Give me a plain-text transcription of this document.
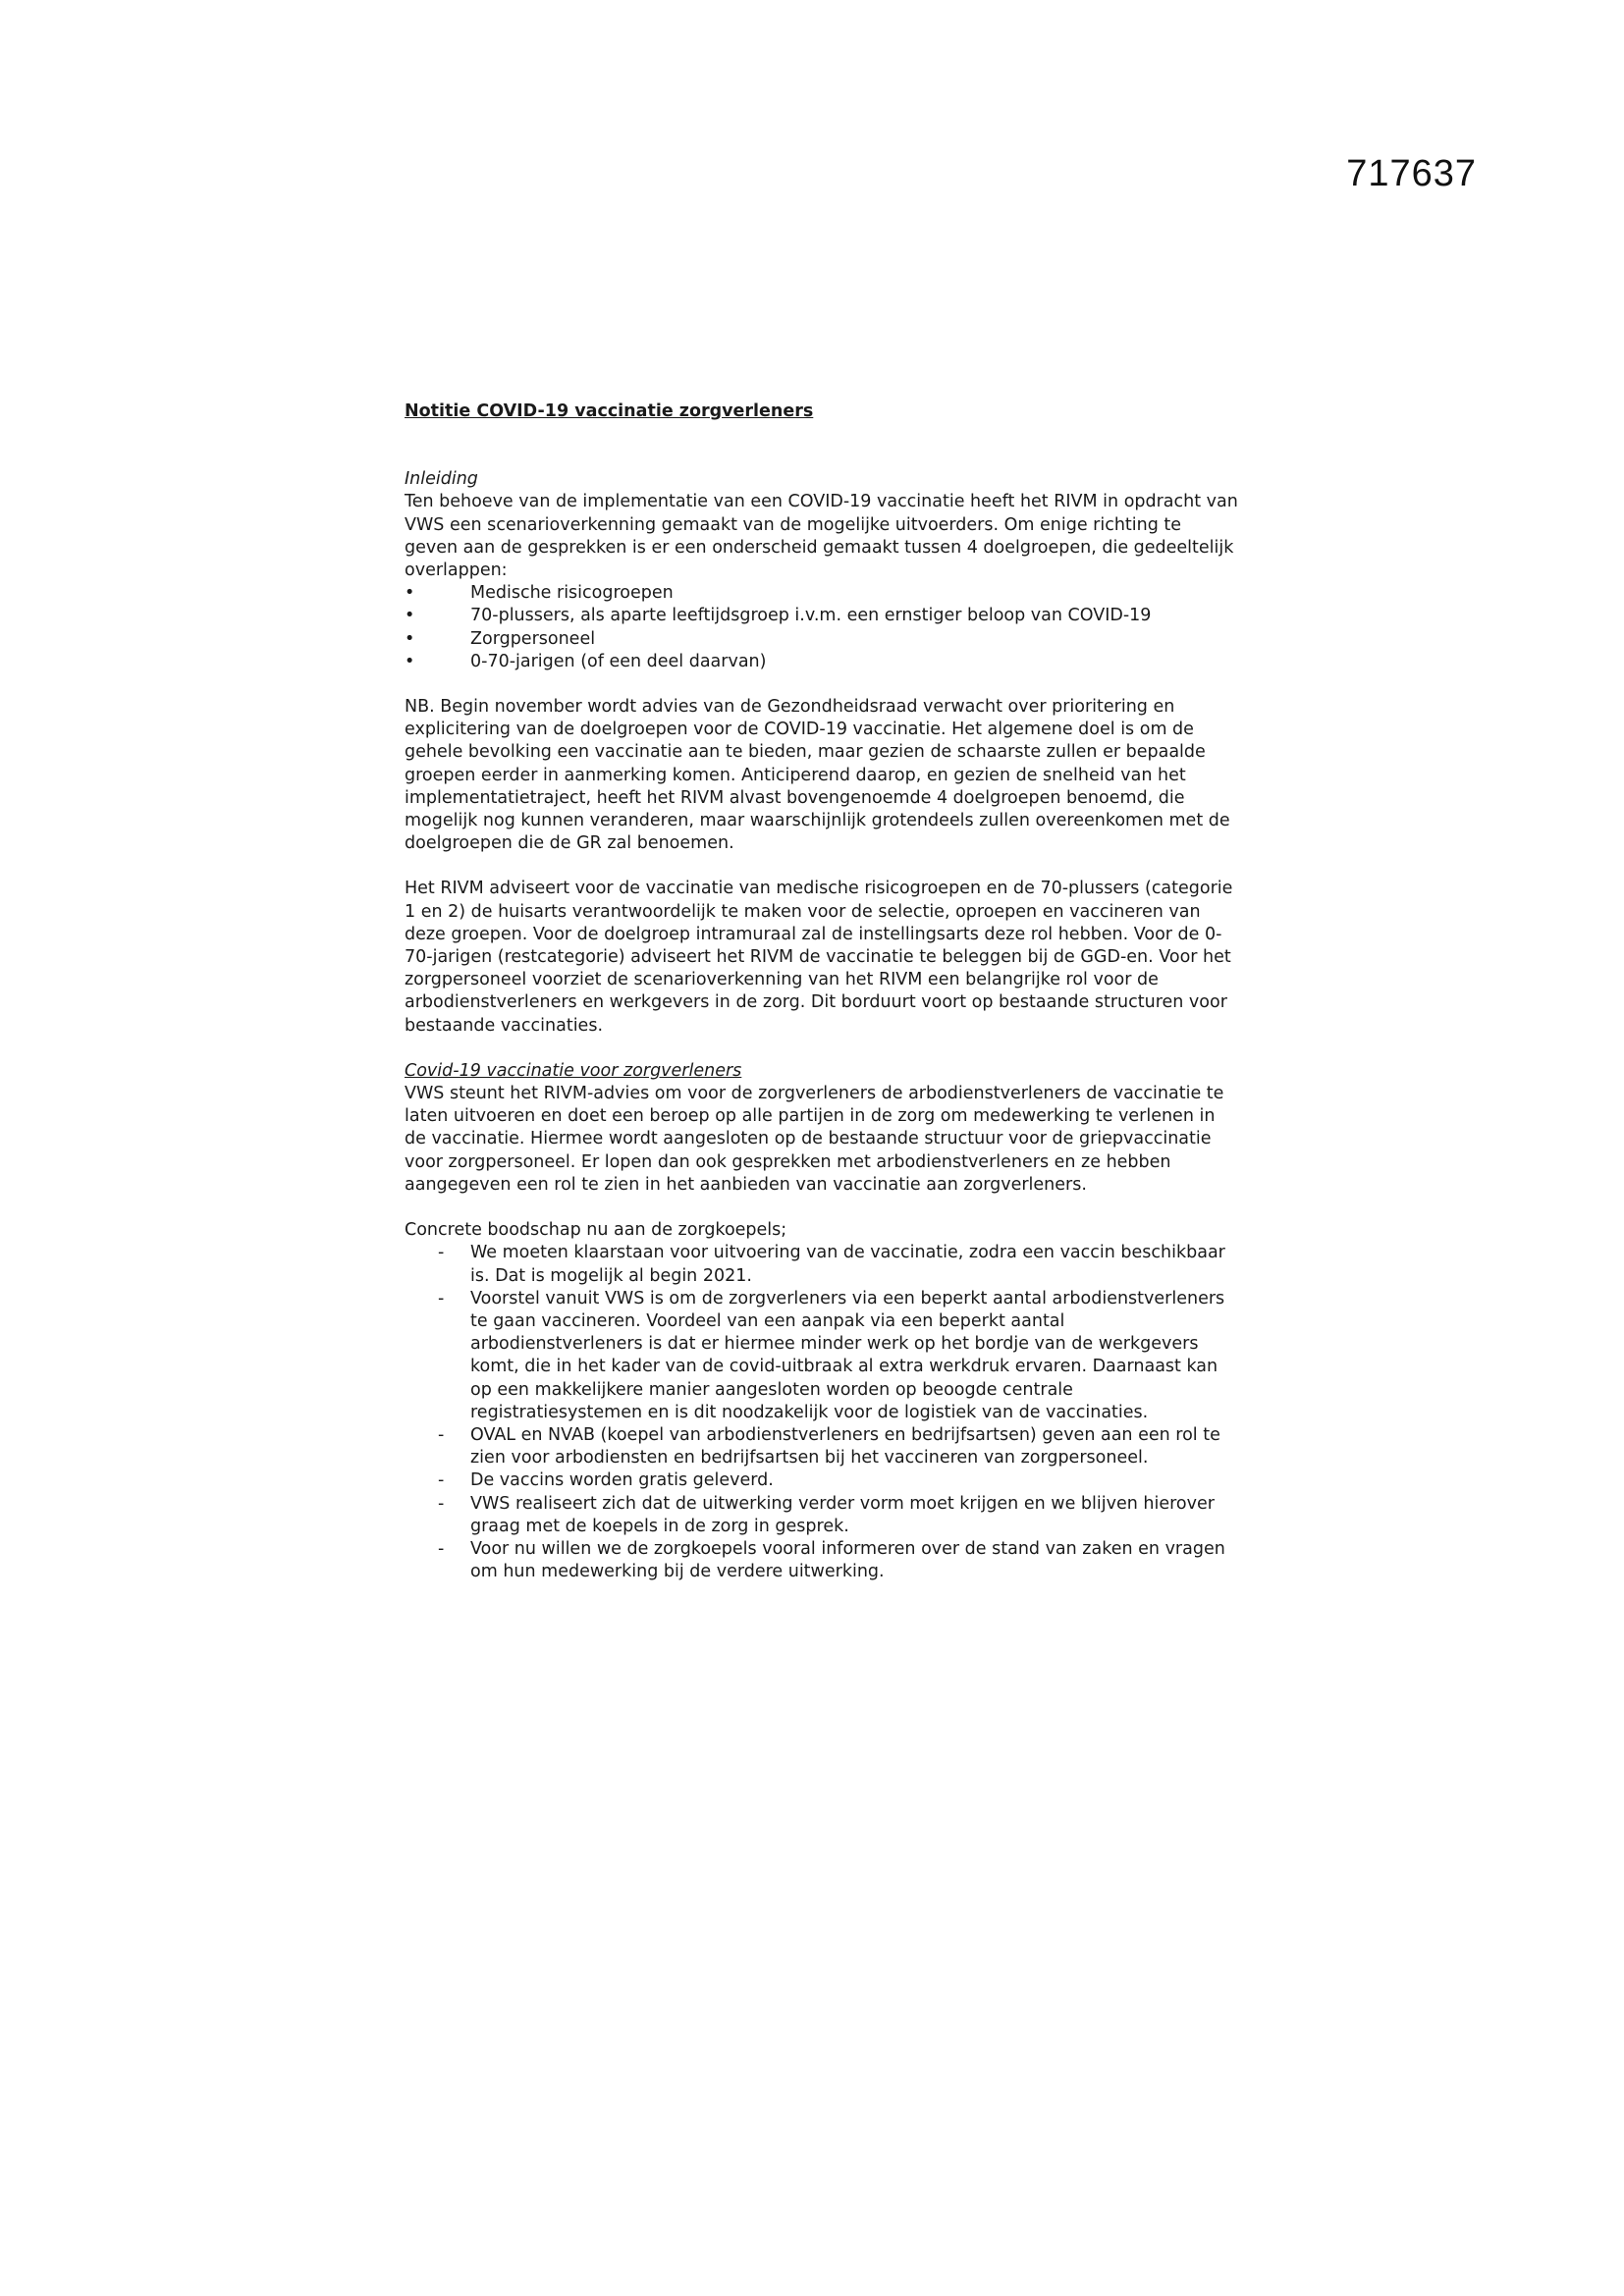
717637

Notitie COVID-19 vaccinatie zorgverleners

Inleiding

Ten behoeve van de implementatie van een COVID-19 vaccinatie heeft het RIVM in opdracht van VWS een scenarioverkenning gemaakt van de mogelijke uitvoerders. Om enige richting te geven aan de gesprekken is er een onderscheid gemaakt tussen 4 doelgroepen, die gedeeltelijk overlappen:

• Medische risicogroepen
• 70-plussers, als aparte leeftijdsgroep i.v.m. een ernstiger beloop van COVID-19
• Zorgpersoneel
• 0-70-jarigen (of een deel daarvan)

NB. Begin november wordt advies van de Gezondheidsraad verwacht over prioritering en explicitering van de doelgroepen voor de COVID-19 vaccinatie. Het algemene doel is om de gehele bevolking een vaccinatie aan te bieden, maar gezien de schaarste zullen er bepaalde groepen eerder in aanmerking komen. Anticiperend daarop, en gezien de snelheid van het implementatietraject, heeft het RIVM alvast bovengenoemde 4 doelgroepen benoemd, die mogelijk nog kunnen veranderen, maar waarschijnlijk grotendeels zullen overeenkomen met de doelgroepen die de GR zal benoemen.

Het RIVM adviseert voor de vaccinatie van medische risicogroepen en de 70-plussers (categorie 1 en 2) de huisarts verantwoordelijk te maken voor de selectie, oproepen en vaccineren van deze groepen. Voor de doelgroep intramuraal zal de instellingsarts deze rol hebben. Voor de 0-70-jarigen (restcategorie) adviseert het RIVM de vaccinatie te beleggen bij de GGD-en. Voor het zorgpersoneel voorziet de scenarioverkenning van het RIVM een belangrijke rol voor de arbodienstverleners en werkgevers in de zorg. Dit borduurt voort op bestaande structuren voor bestaande vaccinaties.

Covid-19 vaccinatie voor zorgverleners

VWS steunt het RIVM-advies om voor de zorgverleners de arbodienstverleners de vaccinatie te laten uitvoeren en doet een beroep op alle partijen in de zorg om medewerking te verlenen in de vaccinatie. Hiermee wordt aangesloten op de bestaande structuur voor de griepvaccinatie voor zorgpersoneel. Er lopen dan ook gesprekken met arbodienstverleners en ze hebben aangegeven een rol te zien in het aanbieden van vaccinatie aan zorgverleners.

Concrete boodschap nu aan de zorgkoepels;

- We moeten klaarstaan voor uitvoering van de vaccinatie, zodra een vaccin beschikbaar is. Dat is mogelijk al begin 2021.
- Voorstel vanuit VWS is om de zorgverleners via een beperkt aantal arbodienstverleners te gaan vaccineren. Voordeel van een aanpak via een beperkt aantal arbodienstverleners is dat er hiermee minder werk op het bordje van de werkgevers komt, die in het kader van de covid-uitbraak al extra werkdruk ervaren. Daarnaast kan op een makkelijkere manier aangesloten worden op beoogde centrale registratiesystemen en is dit noodzakelijk voor de logistiek van de vaccinaties.
- OVAL en NVAB (koepel van arbodienstverleners en bedrijfsartsen) geven aan een rol te zien voor arbodiensten en bedrijfsartsen bij het vaccineren van zorgpersoneel.
- De vaccins worden gratis geleverd.
- VWS realiseert zich dat de uitwerking verder vorm moet krijgen en we blijven hierover graag met de koepels in de zorg in gesprek.
- Voor nu willen we de zorgkoepels vooral informeren over de stand van zaken en vragen om hun medewerking bij de verdere uitwerking.
